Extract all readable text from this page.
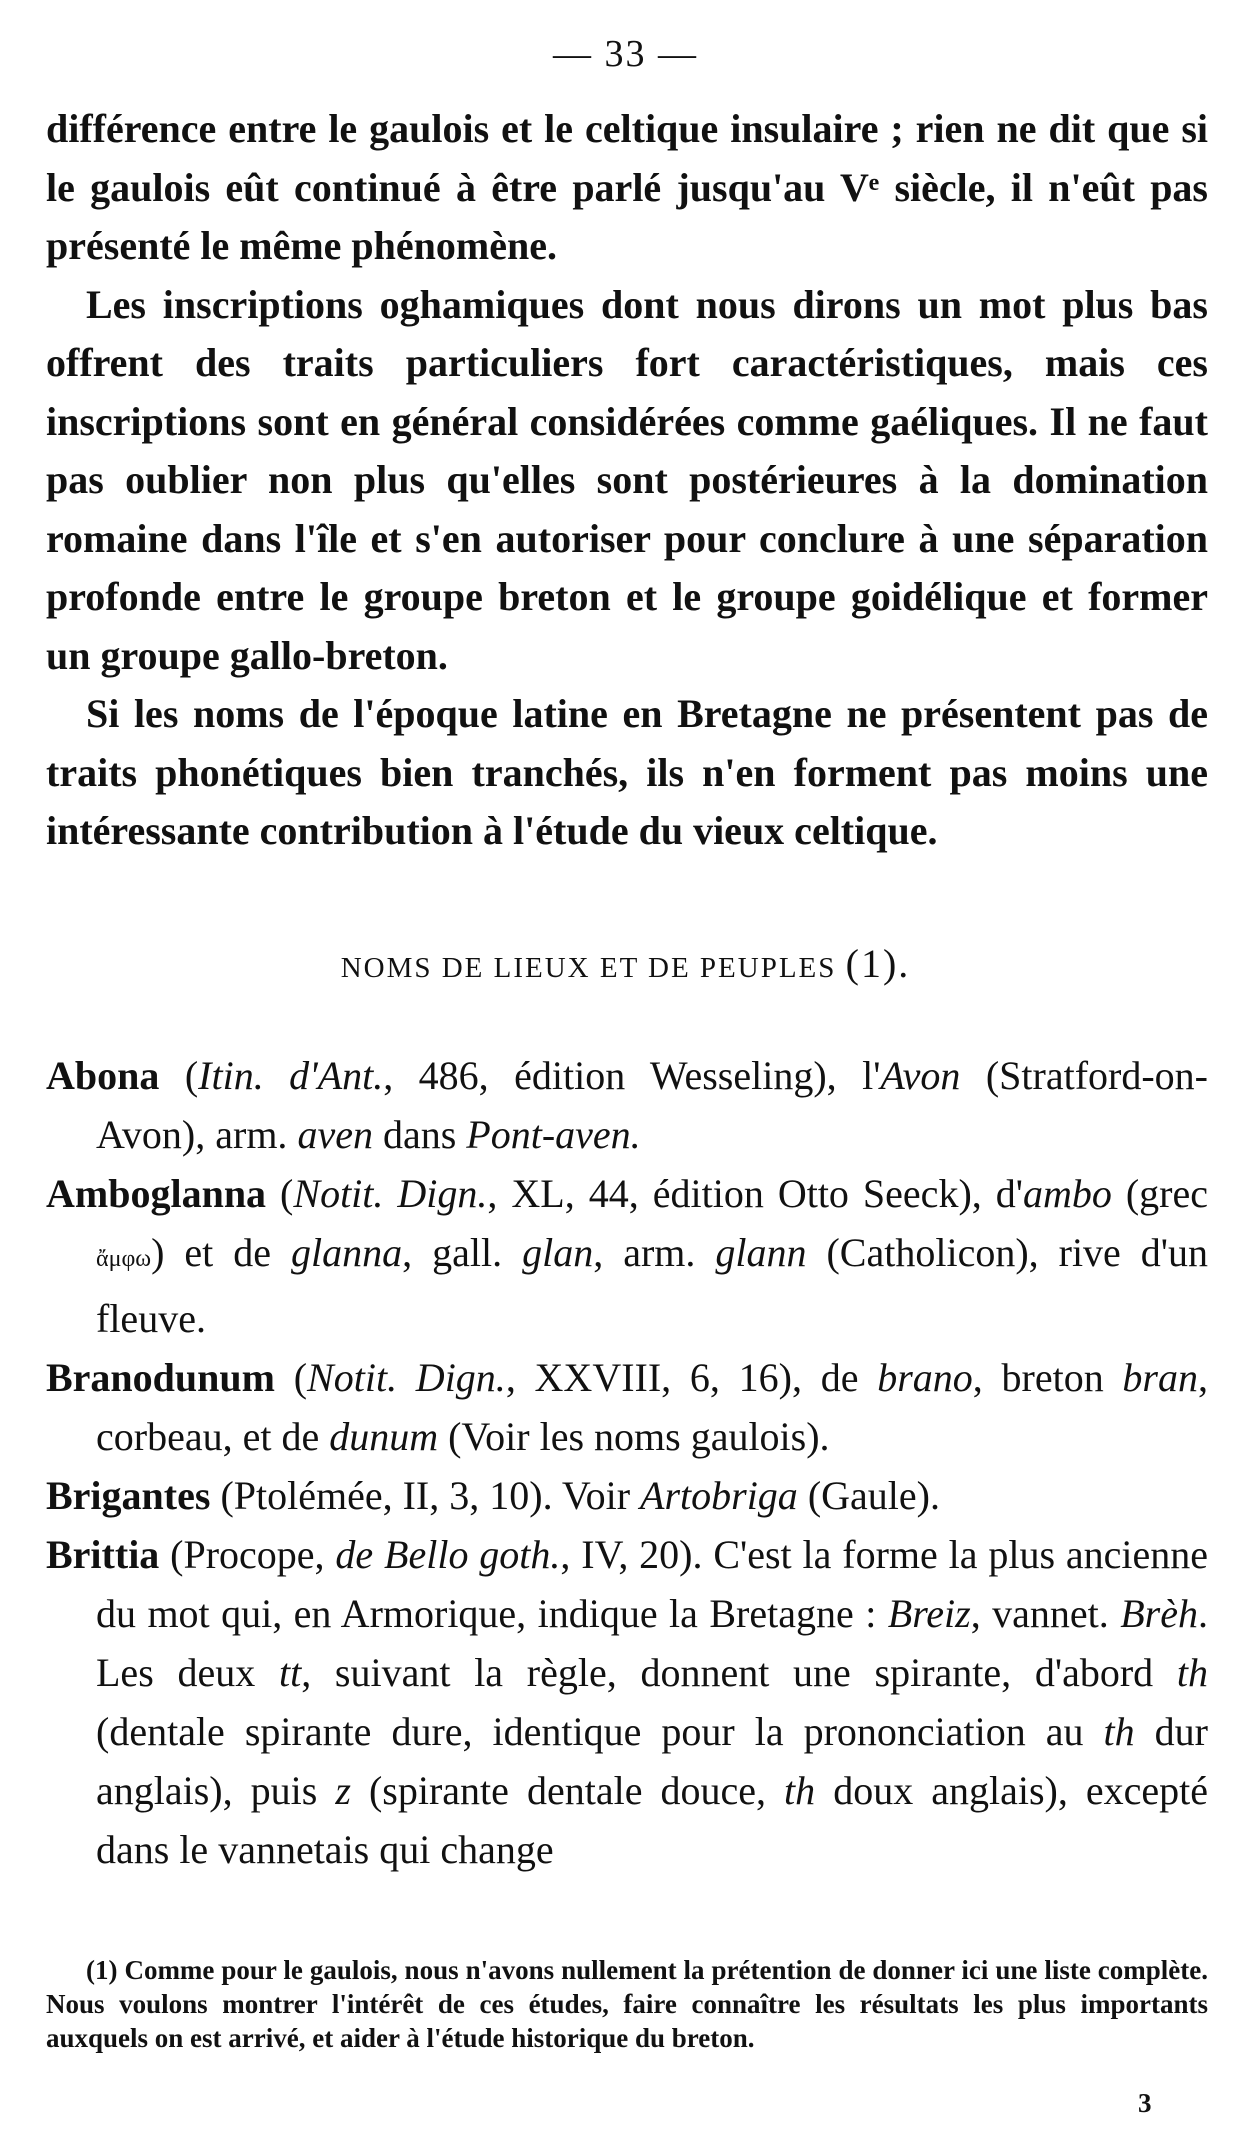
— 33 —

différence entre le gaulois et le celtique insulaire ; rien ne dit que si le gaulois eût continué à être parlé jusqu'au Vᵉ siècle, il n'eût pas présenté le même phénomène.

Les inscriptions oghamiques dont nous dirons un mot plus bas offrent des traits particuliers fort caractéristiques, mais ces inscriptions sont en général considérées comme gaéliques. Il ne faut pas oublier non plus qu'elles sont postérieures à la domination romaine dans l'île et s'en autoriser pour conclure à une séparation profonde entre le groupe breton et le groupe goidélique et former un groupe gallo-breton.

Si les noms de l'époque latine en Bretagne ne présentent pas de traits phonétiques bien tranchés, ils n'en forment pas moins une intéressante contribution à l'étude du vieux celtique.

NOMS DE LIEUX ET DE PEUPLES (1).

Abona (Itin. d'Ant., 486, édition Wesseling), l'Avon (Stratford-on-Avon), arm. aven dans Pont-aven.

Amboglanna (Notit. Dign., XL, 44, édition Otto Seeck), d'ambo (grec ἄμφω) et de glanna, gall. glan, arm. glann (Catholicon), rive d'un fleuve.

Branodunum (Notit. Dign., XXVIII, 6, 16), de brano, breton bran, corbeau, et de dunum (Voir les noms gaulois).

Brigantes (Ptolémée, II, 3, 10). Voir Artobriga (Gaule).

Brittia (Procope, de Bello goth., IV, 20). C'est la forme la plus ancienne du mot qui, en Armorique, indique la Bretagne : Breiz, vannet. Brèh. Les deux tt, suivant la règle, donnent une spirante, d'abord th (dentale spirante dure, identique pour la prononciation au th dur anglais), puis z (spirante dentale douce, th doux anglais), excepté dans le vannetais qui change

(1) Comme pour le gaulois, nous n'avons nullement la prétention de donner ici une liste complète. Nous voulons montrer l'intérêt de ces études, faire connaître les résultats les plus importants auxquels on est arrivé, et aider à l'étude historique du breton.
3
